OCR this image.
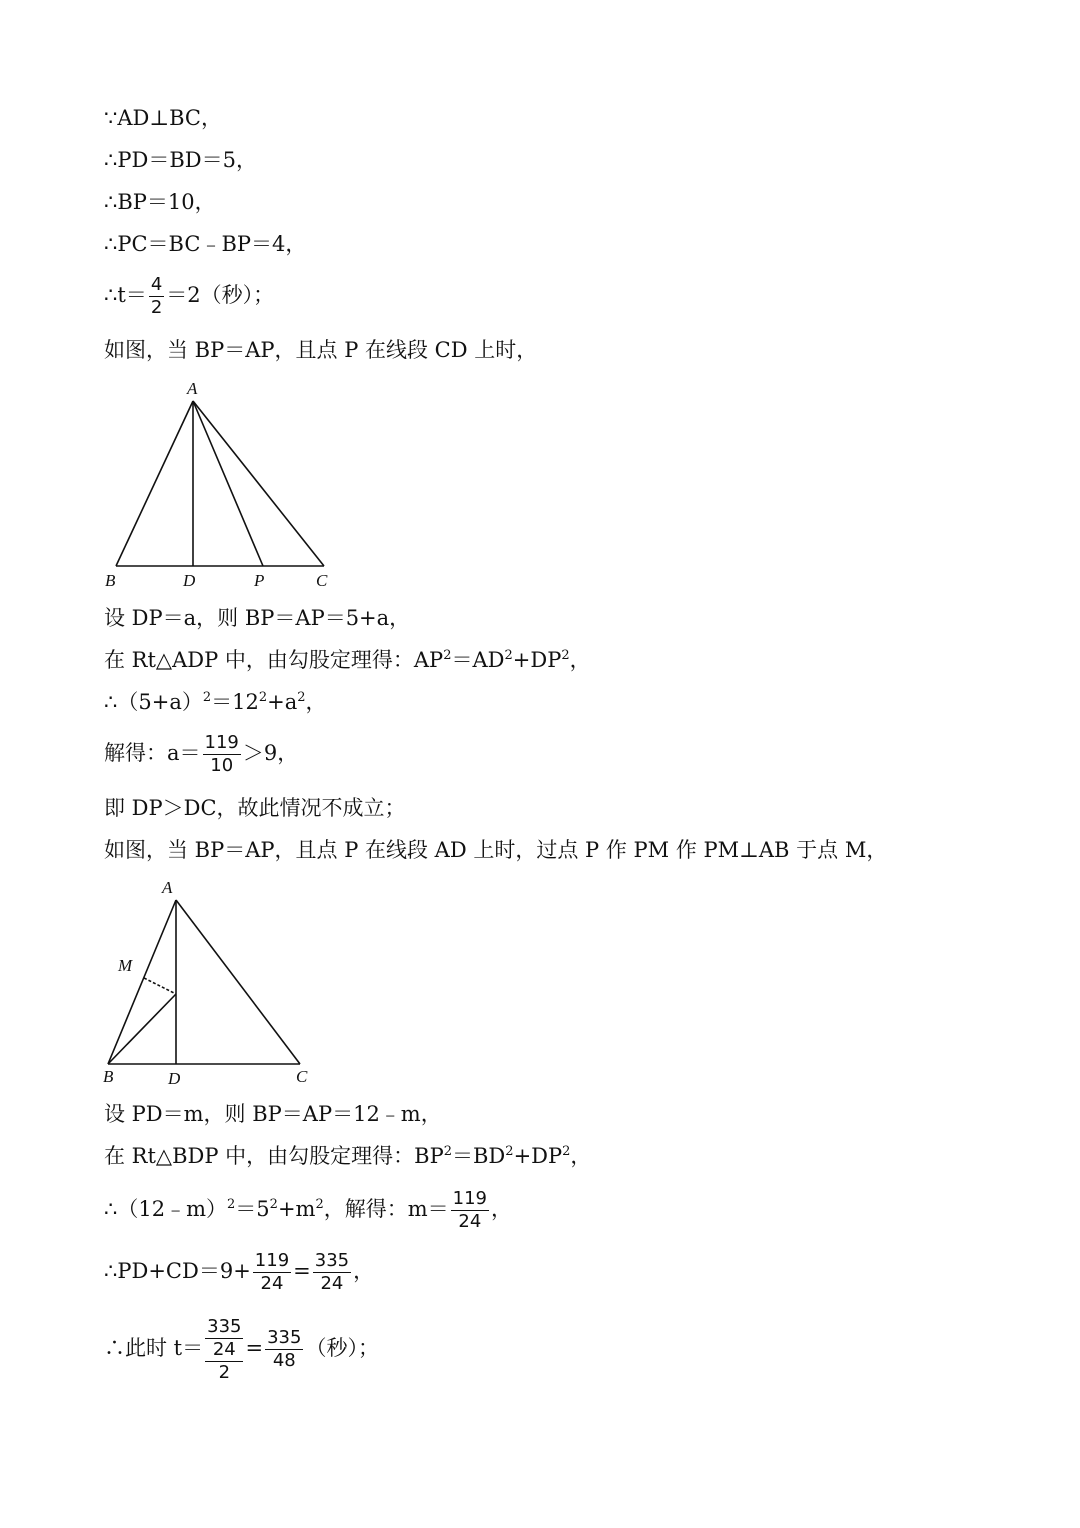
∵AD⊥BC，
∴PD＝BD＝5，
∴BP＝10，
∴PC＝BC﹣BP＝4，
∴t＝ $\frac{4}{2} =2$（秒）；
如图，当 BP＝AP，且点 P 在线段 CD 上时，
A
B	D	P	C
设 DP＝a，则 BP＝AP＝5+a，
在 Rt△ADP 中，由勾股定理得：$AP^2=AD^2+DP^2$，
$\therefore(5+a)^2=12^2+a^2$，
解得：$a= \frac{119}{10} >9$，
即 DP＞DC，故此情况不成立；
如图，当 BP＝AP，且点 P 在线段 AD 上时，过点 P 作 PM 作 PM⊥AB 于点 M，
A
M
B	D	C
设 PD＝m，则 BP＝AP＝12﹣m，
在 Rt△BDP 中，由勾股定理得：$BP^2=BD^2+DP^2$，
$\therefore(12﹣m)^2=5^2+m^2$，解得：$m= \frac{119}{24}$ ，
∴PD+CD＝9+ $\frac{119}{24} = \frac{335}{24}$ ，
∴此时 $t= \frac{\frac{335}{24}}{2} = \frac{335}{48}$ （秒）；
